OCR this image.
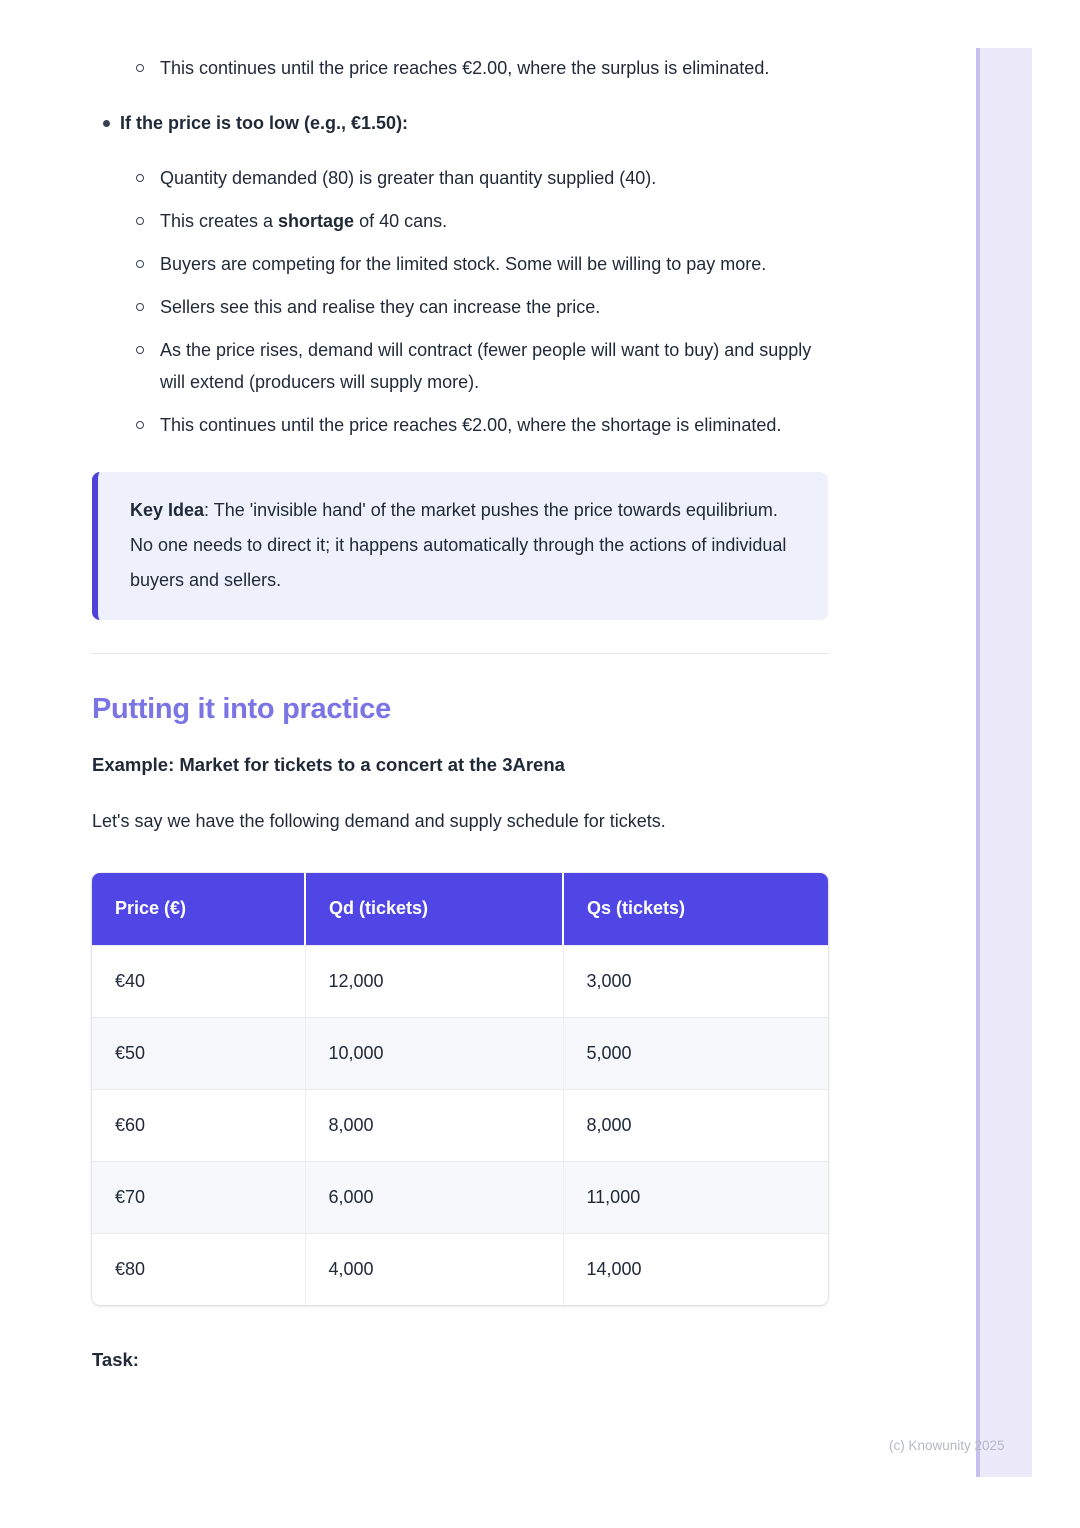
This continues until the price reaches €2.00, where the surplus is eliminated.
If the price is too low (e.g., €1.50):
Quantity demanded (80) is greater than quantity supplied (40).
This creates a shortage of 40 cans.
Buyers are competing for the limited stock. Some will be willing to pay more.
Sellers see this and realise they can increase the price.
As the price rises, demand will contract (fewer people will want to buy) and supply will extend (producers will supply more).
This continues until the price reaches €2.00, where the shortage is eliminated.
Key Idea: The 'invisible hand' of the market pushes the price towards equilibrium. No one needs to direct it; it happens automatically through the actions of individual buyers and sellers.
Putting it into practice

Example: Market for tickets to a concert at the 3Arena

Let's say we have the following demand and supply schedule for tickets.

Price (€)	Qd (tickets)	Qs (tickets)
€40	12,000	3,000
€50	10,000	5,000
€60	8,000	8,000
€70	6,000	11,000
€80	4,000	14,000

Task:

(c) Knowunity 2025
